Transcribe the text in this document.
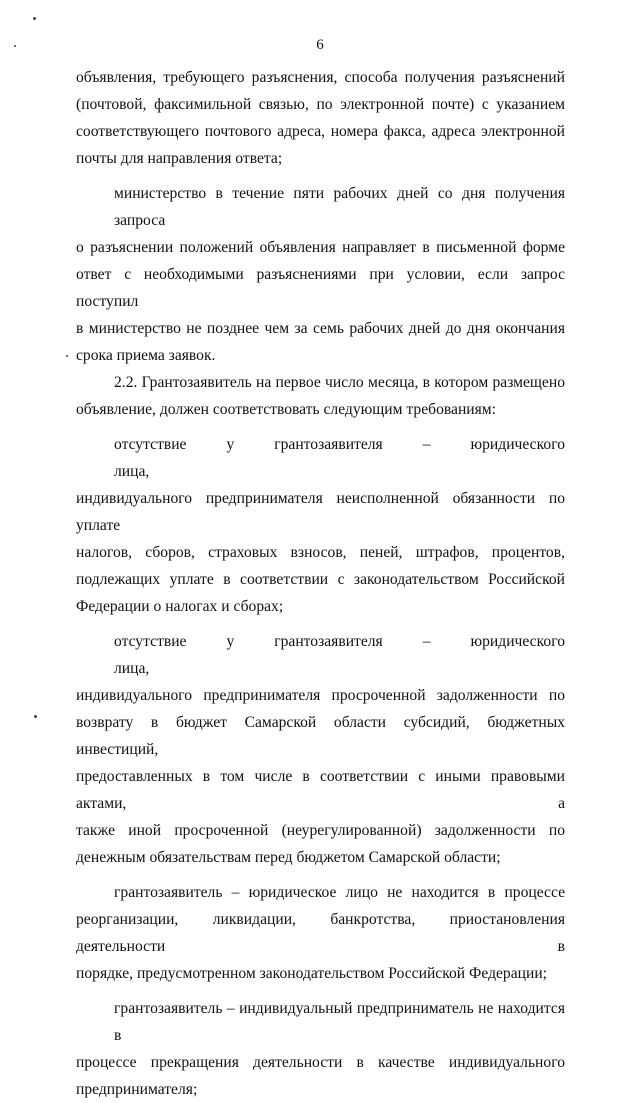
6
объявления, требующего разъяснения, способа получения разъяснений
(почтовой, факсимильной связью, по электронной почте) с указанием
соответствующего почтового адреса, номера факса, адреса электронной
почты для направления ответа;
министерство в течение пяти рабочих дней со дня получения запроса
о разъяснении положений объявления направляет в письменной форме
ответ с необходимыми разъяснениями при условии, если запрос поступил
в министерство не позднее чем за семь рабочих дней до дня окончания
срока приема заявок.
2.2. Грантозаявитель на первое число месяца, в котором размещено
объявление, должен соответствовать следующим требованиям:
отсутствие у грантозаявителя – юридического лица,
индивидуального предпринимателя неисполненной обязанности по уплате
налогов, сборов, страховых взносов, пеней, штрафов, процентов,
подлежащих уплате в соответствии с законодательством Российской
Федерации о налогах и сборах;
отсутствие у грантозаявителя – юридического лица,
индивидуального предпринимателя просроченной задолженности по
возврату в бюджет Самарской области субсидий, бюджетных инвестиций,
предоставленных в том числе в соответствии с иными правовыми актами, а
также иной просроченной (неурегулированной) задолженности по
денежным обязательствам перед бюджетом Самарской области;
грантозаявитель – юридическое лицо не находится в процессе
реорганизации, ликвидации, банкротства, приостановления деятельности в
порядке, предусмотренном законодательством Российской Федерации;
грантозаявитель – индивидуальный предприниматель не находится в
процессе прекращения деятельности в качестве индивидуального
предпринимателя;
